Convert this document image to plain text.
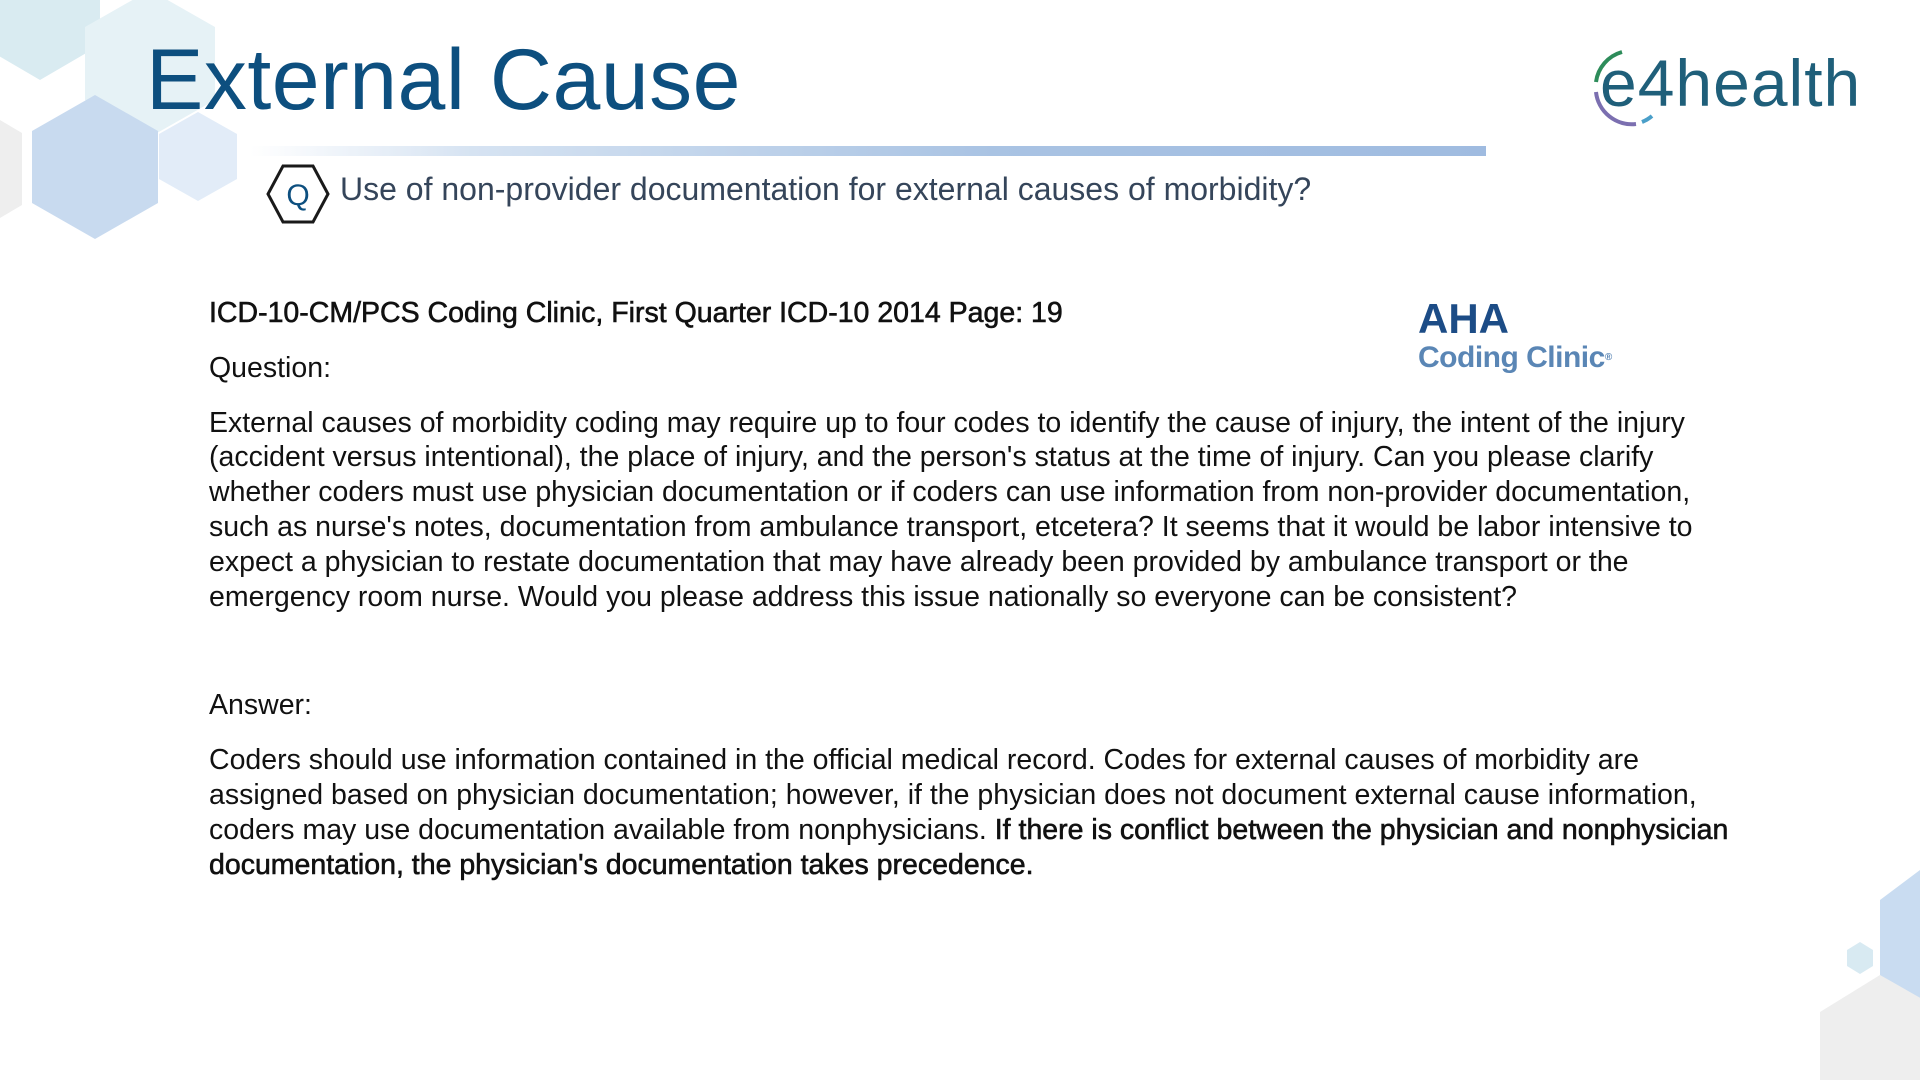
External Cause
Q Use of non-provider documentation for external causes of morbidity?
e4health
AHA
Coding Clinic®

ICD-10-CM/PCS Coding Clinic, First Quarter ICD-10 2014 Page: 19

Question:

External causes of morbidity coding may require up to four codes to identify the cause of injury, the intent of the injury (accident versus intentional), the place of injury, and the person's status at the time of injury. Can you please clarify whether coders must use physician documentation or if coders can use information from non-provider documentation, such as nurse's notes, documentation from ambulance transport, etcetera? It seems that it would be labor intensive to expect a physician to restate documentation that may have already been provided by ambulance transport or the emergency room nurse. Would you please address this issue nationally so everyone can be consistent?

Answer:

Coders should use information contained in the official medical record. Codes for external causes of morbidity are assigned based on physician documentation; however, if the physician does not document external cause information, coders may use documentation available from nonphysicians. If there is conflict between the physician and nonphysician documentation, the physician's documentation takes precedence.
